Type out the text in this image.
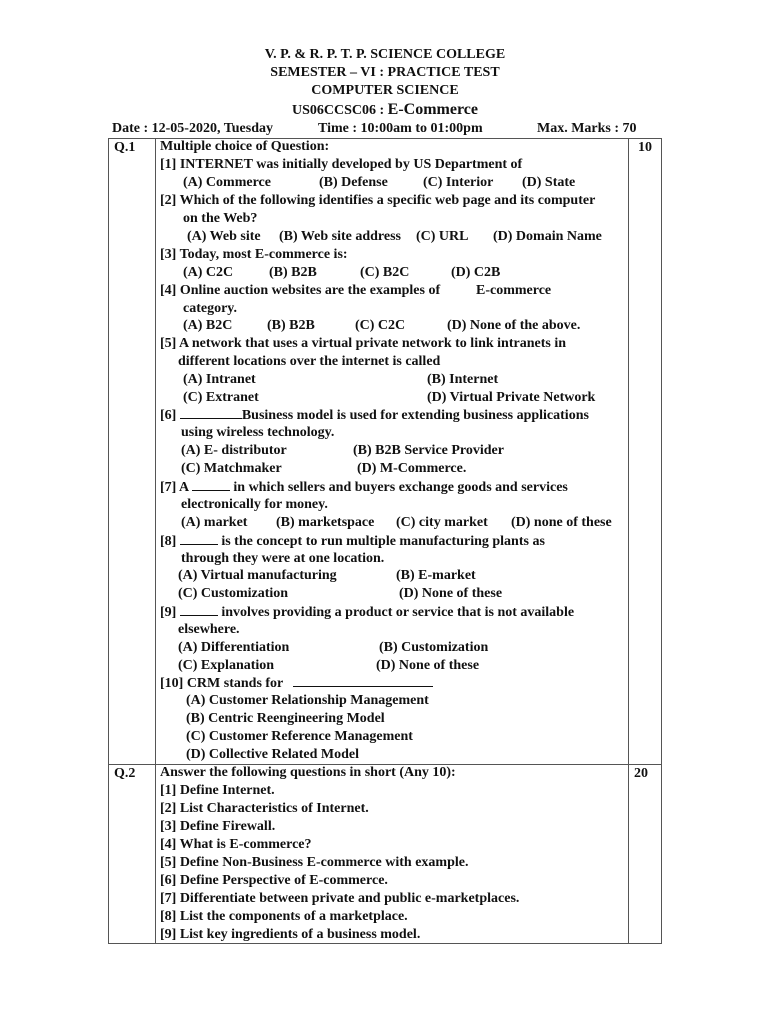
V. P. & R. P. T. P. SCIENCE COLLEGE
SEMESTER – VI : PRACTICE TEST
COMPUTER SCIENCE
US06CCSC06 : E-Commerce
Date : 12-05-2020, Tuesday	Time : 10:00am to 01:00pm	Max. Marks : 70
Q.1 Multiple choice of Question:	10
[1] INTERNET was initially developed by US Department of
(A) Commerce	(B) Defense	(C) Interior (D) State
[2] Which of the following identifies a specific web page and its computer
on the Web?
(A) Web site (B) Web site address (C) URL (D) Domain Name
[3] Today, most E-commerce is:
(A) C2C	(B) B2B	(C) B2C	(D) C2B
[4] Online auction websites are the examples of	E-commerce
category.
(A) B2C (B) B2B	(C) C2C	(D) None of the above.
[5] A network that uses a virtual private network to link intranets in
different locations over the internet is called
(A) Intranet	(B) Internet
(C) Extranet	(D) Virtual Private Network
[6]	Business model is used for extending business applications
using wireless technology.
(A) E- distributor	(B) B2B Service Provider
(C) Matchmaker	(D) M-Commerce.
[7] A	in which sellers and buyers exchange goods and services
electronically for money.
(A) market (B) marketspace (C) city market (D) none of these
[8]	is the concept to run multiple manufacturing plants as
through they were at one location.
(A) Virtual manufacturing	(B) E-market
(C) Customization	(D) None of these
[9]	involves providing a product or service that is not available
elsewhere.
(A) Differentiation	(B) Customization
(C) Explanation	(D) None of these
[10] CRM stands for
(A) Customer Relationship Management
(B) Centric Reengineering Model
(C) Customer Reference Management
(D) Collective Related Model
Q.2 Answer the following questions in short (Any 10):	20
[1] Define Internet.
[2] List Characteristics of Internet.
[3] Define Firewall.
[4] What is E-commerce?
[5] Define Non-Business E-commerce with example.
[6] Define Perspective of E-commerce.
[7] Differentiate between private and public e-marketplaces.
[8] List the components of a marketplace.
[9] List key ingredients of a business model.
